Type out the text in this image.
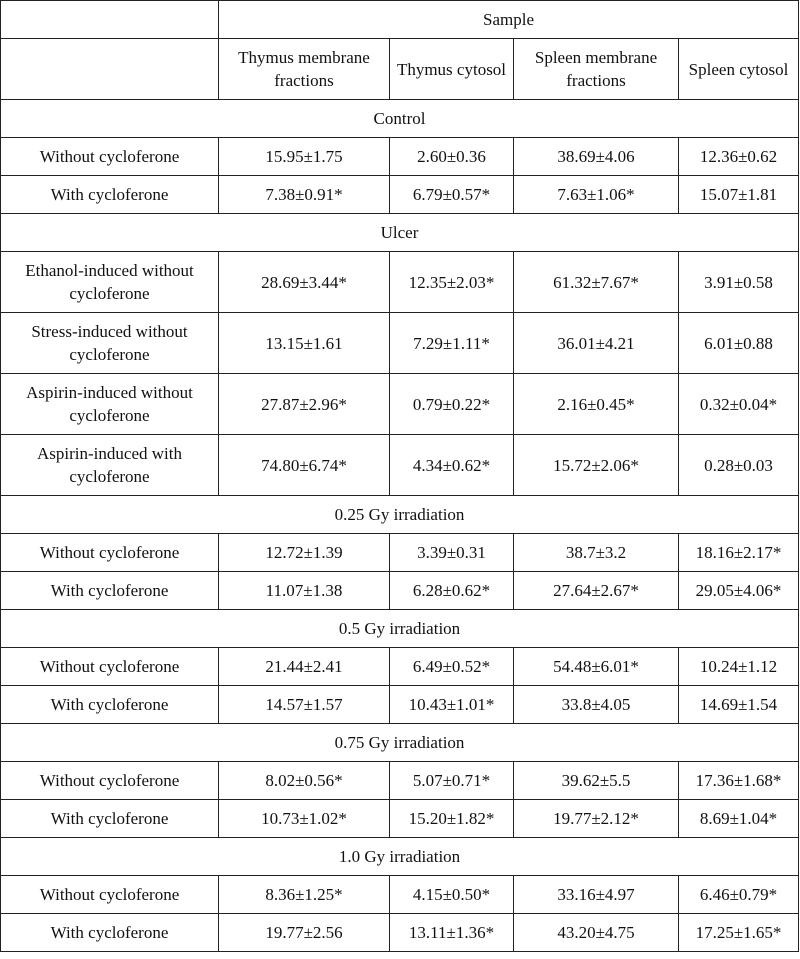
	Sample			
	Thymus membrane fractions	Thymus cytosol	Spleen membrane fractions	Spleen cytosol
Control				
Without cycloferone	15.95±1.75	2.60±0.36	38.69±4.06	12.36±0.62
With cycloferone	7.38±0.91*	6.79±0.57*	7.63±1.06*	15.07±1.81
Ulcer				
Ethanol-induced without cycloferone	28.69±3.44*	12.35±2.03*	61.32±7.67*	3.91±0.58
Stress-induced without cycloferone	13.15±1.61	7.29±1.11*	36.01±4.21	6.01±0.88
Aspirin-induced without cycloferone	27.87±2.96*	0.79±0.22*	2.16±0.45*	0.32±0.04*
Aspirin-induced with cycloferone	74.80±6.74*	4.34±0.62*	15.72±2.06*	0.28±0.03
0.25 Gy irradiation				
Without cycloferone	12.72±1.39	3.39±0.31	38.7±3.2	18.16±2.17*
With cycloferone	11.07±1.38	6.28±0.62*	27.64±2.67*	29.05±4.06*
0.5 Gy irradiation				
Without cycloferone	21.44±2.41	6.49±0.52*	54.48±6.01*	10.24±1.12
With cycloferone	14.57±1.57	10.43±1.01*	33.8±4.05	14.69±1.54
0.75 Gy irradiation				
Without cycloferone	8.02±0.56*	5.07±0.71*	39.62±5.5	17.36±1.68*
With cycloferone	10.73±1.02*	15.20±1.82*	19.77±2.12*	8.69±1.04*
1.0 Gy irradiation				
Without cycloferone	8.36±1.25*	4.15±0.50*	33.16±4.97	6.46±0.79*
With cycloferone	19.77±2.56	13.11±1.36*	43.20±4.75	17.25±1.65*
